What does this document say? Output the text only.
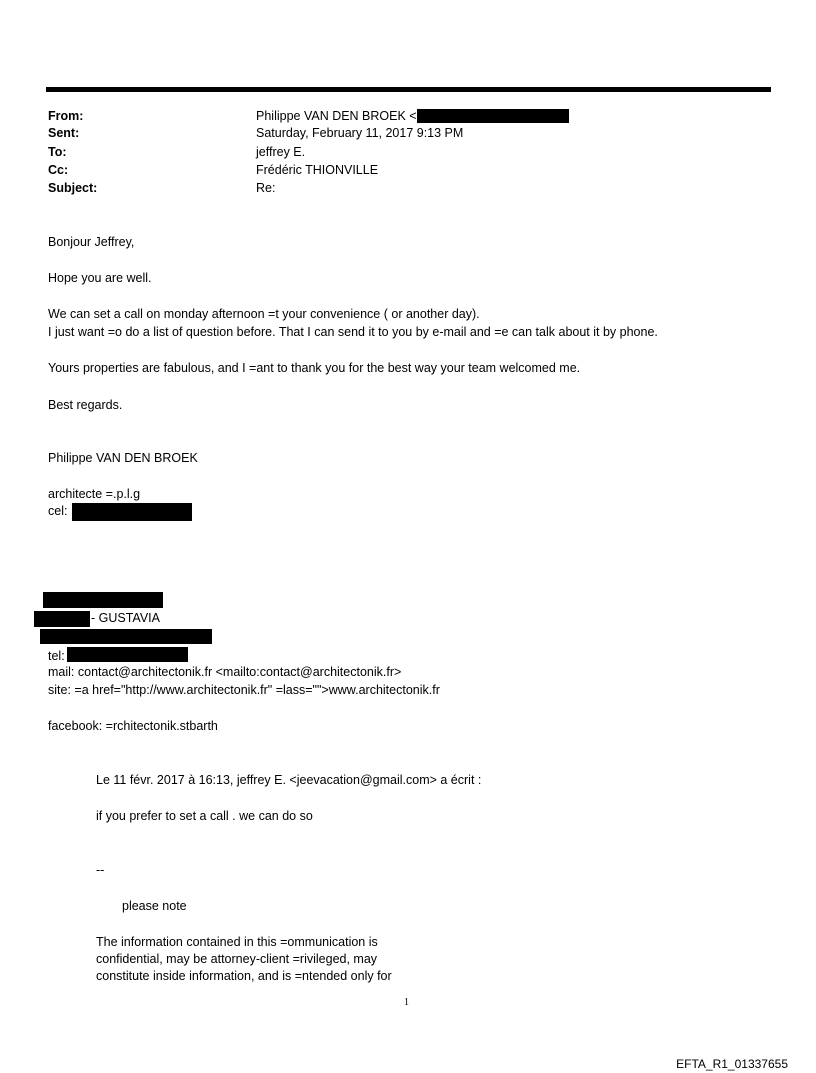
From:	Philippe VAN DEN BROEK <
Sent:	Saturday, February 11, 2017 9:13 PM
To:	jeffrey E.
Cc:	Frédéric THIONVILLE
Subject:	Re:
Bonjour Jeffrey,
Hope you are well.
We can set a call on monday afternoon =t your convenience ( or another day).
I just want =o do a list of question before. That I can send it to you by e-mail and =e can talk about it by phone.
Yours properties are fabulous, and I =ant to thank you for the best way your team welcomed me.
Best regards.
Philippe VAN DEN BROEK
architecte =.p.l.g
cel:
- GUSTAVIA
tel:
mail: contact@architectonik.fr <mailto:contact@architectonik.fr>
site: =a href="http://www.architectonik.fr" =lass="">www.architectonik.fr
facebook: =rchitectonik.stbarth
Le 11 févr. 2017 à 16:13, jeffrey E. <jeevacation@gmail.com> a écrit :
if you prefer to set a call . we can do so
--
please note
The information contained in this =ommunication is
confidential, may be attorney-client =rivileged, may
constitute inside information, and is =ntended only for
1
EFTA_R1_01337655
